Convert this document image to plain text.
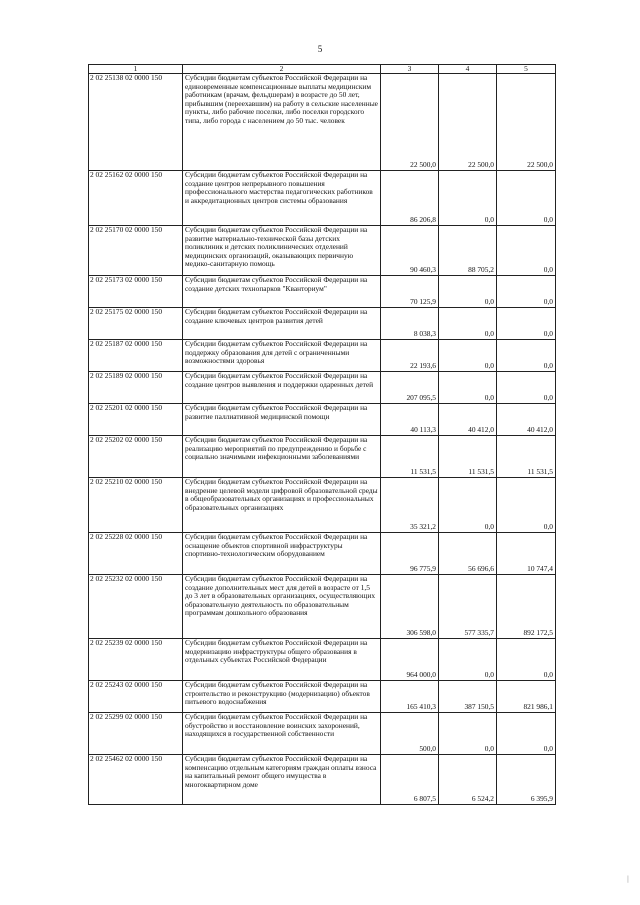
5
1	2	3	4	5
2 02 25138 02 0000 150	Субсидии бюджетам субъектов Российской Федерации на единовременные компенсационные выплаты медицинским работникам (врачам, фельдшерам) в возрасте до 50 лет, прибывшим (переехавшим) на работу в сельские населенные пункты, либо рабочие поселки, либо поселки городского типа, либо города с населением до 50 тыс. человек	22 500,0	22 500,0	22 500,0
2 02 25162 02 0000 150	Субсидии бюджетам субъектов Российской Федерации на создание центров непрерывного повышения профессионального мастерства педагогических работников и аккредитационных центров системы образования	86 206,8	0,0	0,0
2 02 25170 02 0000 150	Субсидии бюджетам субъектов Российской Федерации на развитие материально-технической базы детских поликлиник и детских поликлинических отделений медицинских организаций, оказывающих первичную медико-санитарную помощь	90 460,3	88 705,2	0,0
2 02 25173 02 0000 150	Субсидии бюджетам субъектов Российской Федерации на создание детских технопарков "Кванториум"	70 125,9	0,0	0,0
2 02 25175 02 0000 150	Субсидии бюджетам субъектов Российской Федерации на создание ключевых центров развития детей	8 038,3	0,0	0,0
2 02 25187 02 0000 150	Субсидии бюджетам субъектов Российской Федерации на поддержку образования для детей с ограниченными возможностями здоровья	22 193,6	0,0	0,0
2 02 25189 02 0000 150	Субсидии бюджетам субъектов Российской Федерации на создание центров выявления и поддержки одаренных детей	207 095,5	0,0	0,0
2 02 25201 02 0000 150	Субсидии бюджетам субъектов Российской Федерации на развитие паллиативной медицинской помощи	40 113,3	40 412,0	40 412,0
2 02 25202 02 0000 150	Субсидии бюджетам субъектов Российской Федерации на реализацию мероприятий по предупреждению и борьбе с социально значимыми инфекционными заболеваниями	11 531,5	11 531,5	11 531,5
2 02 25210 02 0000 150	Субсидии бюджетам субъектов Российской Федерации на внедрение целевой модели цифровой образовательной среды в общеобразовательных организациях и профессиональных образовательных организациях	35 321,2	0,0	0,0
2 02 25228 02 0000 150	Субсидии бюджетам субъектов Российской Федерации на оснащение объектов спортивной инфраструктуры спортивно-технологическим оборудованием	96 775,9	56 696,6	10 747,4
2 02 25232 02 0000 150	Субсидии бюджетам субъектов Российской Федерации на создание дополнительных мест для детей в возрасте от 1,5 до 3 лет в образовательных организациях, осуществляющих образовательную деятельность по образовательным программам дошкольного образования	306 598,0	577 335,7	892 172,5
2 02 25239 02 0000 150	Субсидии бюджетам субъектов Российской Федерации на модернизацию инфраструктуры общего образования в отдельных субъектах Российской Федерации	964 000,0	0,0	0,0
2 02 25243 02 0000 150	Субсидии бюджетам субъектов Российской Федерации на строительство и реконструкцию (модернизацию) объектов питьевого водоснабжения	165 410,3	387 150,5	821 986,1
2 02 25299 02 0000 150	Субсидии бюджетам субъектов Российской Федерации на обустройство и восстановление воинских захоронений, находящихся в государственной собственности	500,0	0,0	0,0
2 02 25462 02 0000 150	Субсидии бюджетам субъектов Российской Федерации на компенсацию отдельным категориям граждан оплаты взноса на капитальный ремонт общего имущества в многоквартирном доме	6 807,5	6 524,2	6 395,9
│
